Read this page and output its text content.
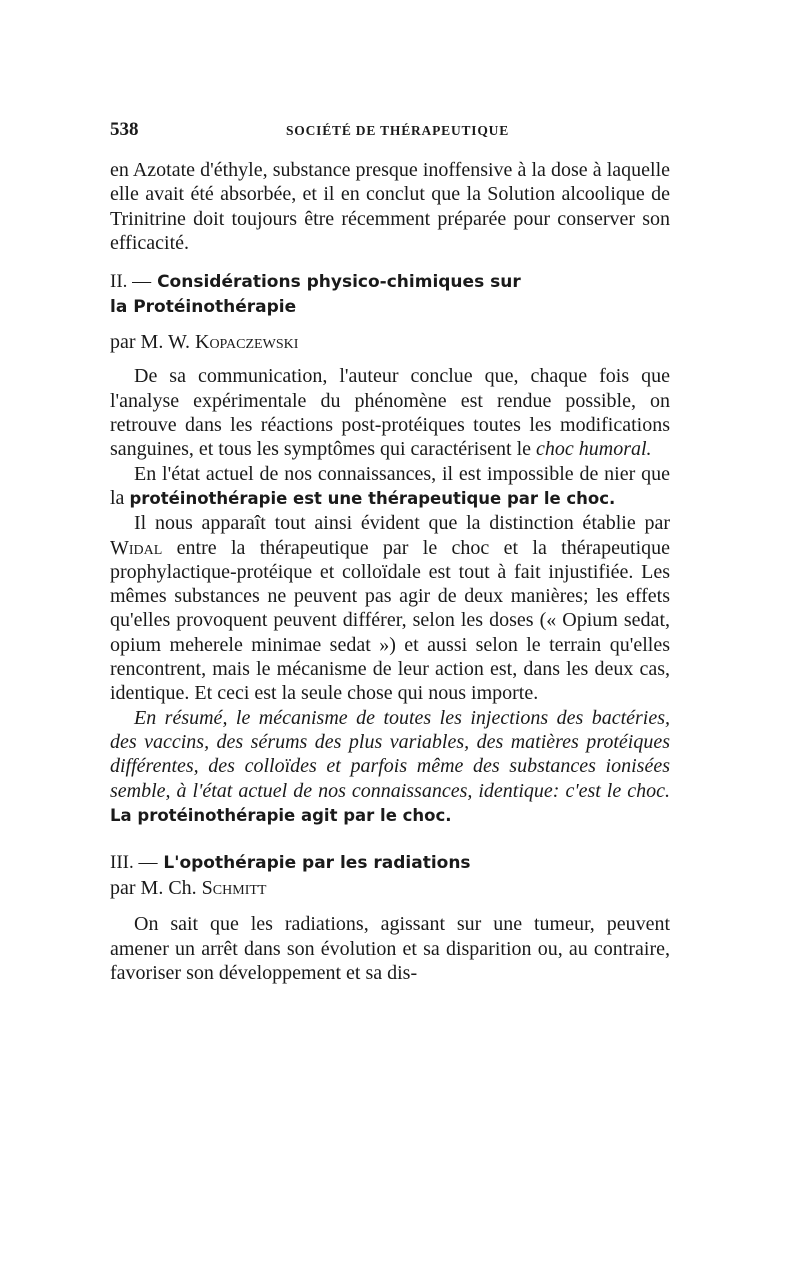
538	SOCIÉTÉ DE THÉRAPEUTIQUE

en Azotate d'éthyle, substance presque inoffensive à la dose à laquelle elle avait été absorbée, et il en conclut que la Solution alcoolique de Trinitrine doit toujours être récemment préparée pour conserver son efficacité.

II. — Considérations physico-chimiques sur
la Protéinothérapie

par M. W. Kopaczewski

De sa communication, l'auteur conclue que, chaque fois que l'analyse expérimentale du phénomène est rendue possible, on retrouve dans les réactions post-protéiques toutes les modifications sanguines, et tous les symptômes qui caractérisent le choc humoral.

En l'état actuel de nos connaissances, il est impossible de nier que la protéinothérapie est une thérapeutique par le choc.

Il nous apparaît tout ainsi évident que la distinction établie par Widal entre la thérapeutique par le choc et la thérapeutique prophylactique-protéique et colloïdale est tout à fait injustifiée. Les mêmes substances ne peuvent pas agir de deux manières; les effets qu'elles provoquent peuvent différer, selon les doses (« Opium sedat, opium meherele minimae sedat ») et aussi selon le terrain qu'elles rencontrent, mais le mécanisme de leur action est, dans les deux cas, identique. Et ceci est la seule chose qui nous importe.

En résumé, le mécanisme de toutes les injections des bactéries, des vaccins, des sérums des plus variables, des matières protéiques différentes, des colloïdes et parfois même des substances ionisées semble, à l'état actuel de nos connaissances, identique: c'est le choc. La protéinothérapie agit par le choc.

III. — L'opothérapie par les radiations

par M. Ch. Schmitt

On sait que les radiations, agissant sur une tumeur, peuvent amener un arrêt dans son évolution et sa disparition ou, au contraire, favoriser son développement et sa dis-
